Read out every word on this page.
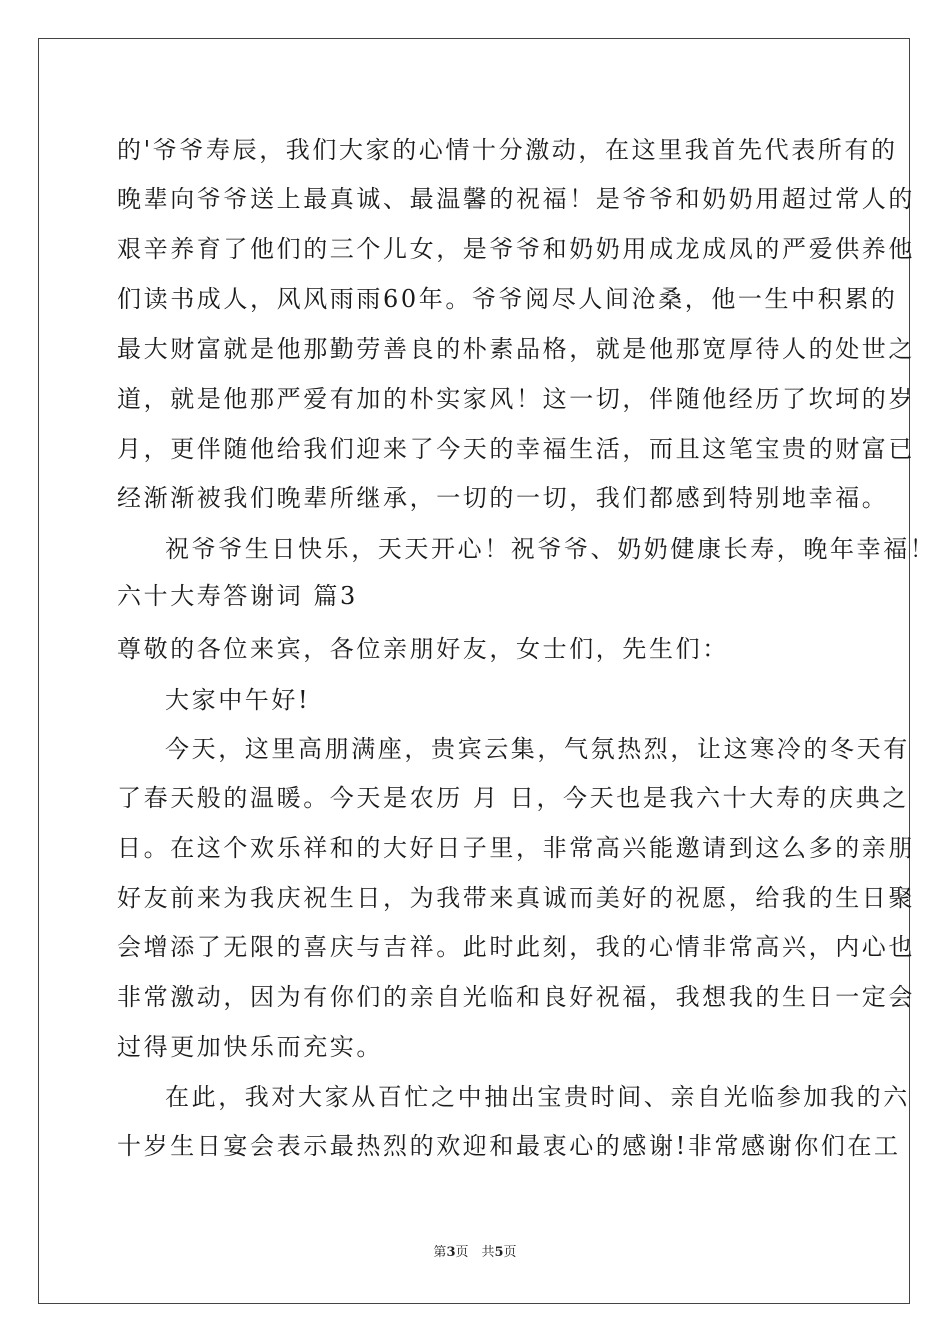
的'爷爷寿辰，我们大家的心情十分激动，在这里我首先代表所有的
晚辈向爷爷送上最真诚、最温馨的祝福！是爷爷和奶奶用超过常人的
艰辛养育了他们的三个儿女，是爷爷和奶奶用成龙成凤的严爱供养他
们读书成人，风风雨雨60年。爷爷阅尽人间沧桑，他一生中积累的
最大财富就是他那勤劳善良的朴素品格，就是他那宽厚待人的处世之
道，就是他那严爱有加的朴实家风！这一切，伴随他经历了坎坷的岁
月，更伴随他给我们迎来了今天的幸福生活，而且这笔宝贵的财富已
经渐渐被我们晚辈所继承，一切的一切，我们都感到特别地幸福。
祝爷爷生日快乐，天天开心！祝爷爷、奶奶健康长寿，晚年幸福！
六十大寿答谢词 篇3
尊敬的各位来宾，各位亲朋好友，女士们，先生们：
大家中午好!
今天，这里高朋满座，贵宾云集，气氛热烈，让这寒冷的冬天有
了春天般的温暖。今天是农历 月 日，今天也是我六十大寿的庆典之
日。在这个欢乐祥和的大好日子里，非常高兴能邀请到这么多的亲朋
好友前来为我庆祝生日，为我带来真诚而美好的祝愿，给我的生日聚
会增添了无限的喜庆与吉祥。此时此刻，我的心情非常高兴，内心也
非常激动，因为有你们的亲自光临和良好祝福，我想我的生日一定会
过得更加快乐而充实。
在此，我对大家从百忙之中抽出宝贵时间、亲自光临参加我的六
十岁生日宴会表示最热烈的欢迎和最衷心的感谢!非常感谢你们在工
第3页　共5页
